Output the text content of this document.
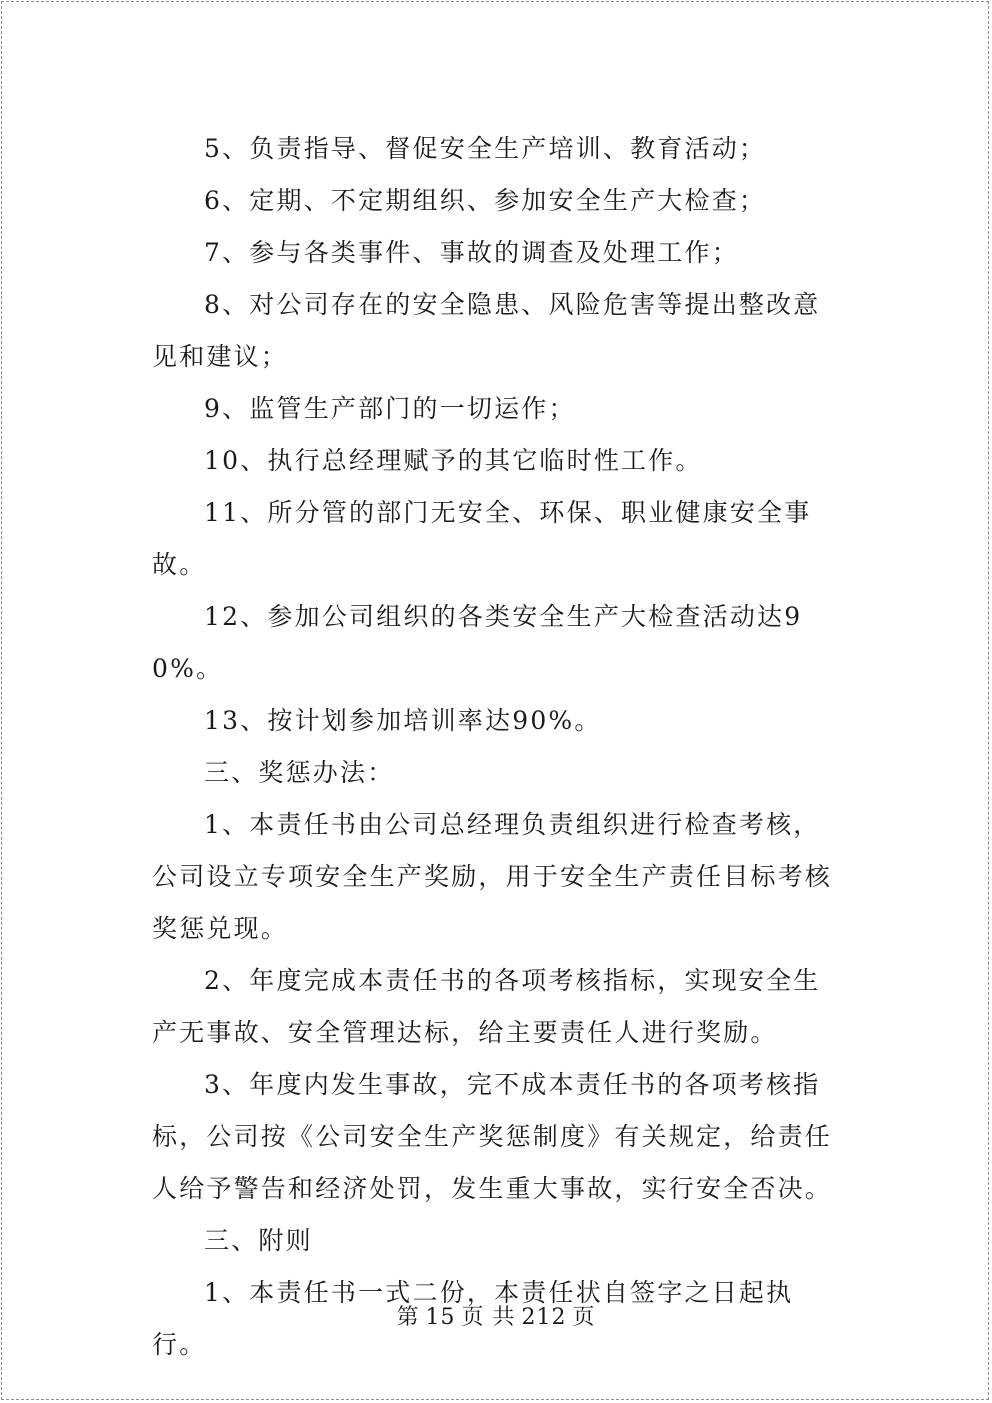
5、负责指导、督促安全生产培训、教育活动；
6、定期、不定期组织、参加安全生产大检查；
7、参与各类事件、事故的调查及处理工作；
8、对公司存在的安全隐患、风险危害等提出整改意见和建议；
9、监管生产部门的一切运作；
10、执行总经理赋予的其它临时性工作。
11、所分管的部门无安全、环保、职业健康安全事故。
12、参加公司组织的各类安全生产大检查活动达90%。
13、按计划参加培训率达90%。
三、奖惩办法：
1、本责任书由公司总经理负责组织进行检查考核，公司设立专项安全生产奖励，用于安全生产责任目标考核奖惩兑现。
2、年度完成本责任书的各项考核指标，实现安全生产无事故、安全管理达标，给主要责任人进行奖励。
3、年度内发生事故，完不成本责任书的各项考核指标，公司按《公司安全生产奖惩制度》有关规定，给责任人给予警告和经济处罚，发生重大事故，实行安全否决。
三、附则
1、本责任书一式二份，本责任状自签字之日起执行。
第 15 页 共 212 页
